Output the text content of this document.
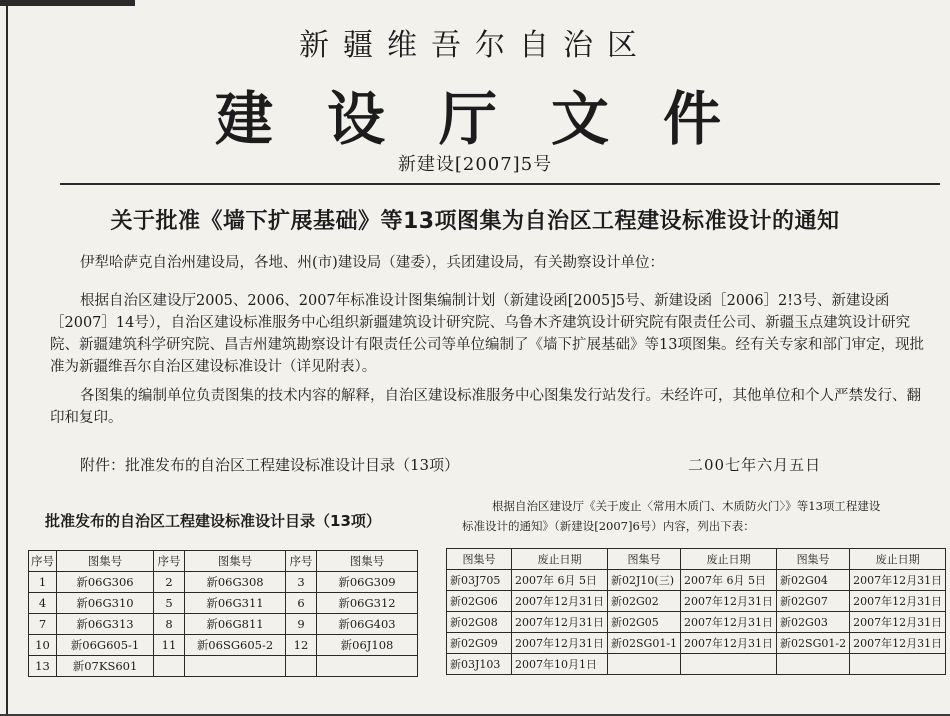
新疆维吾尔自治区
建设厅文件
新建设[2007]5号
关于批准《墙下扩展基础》等13项图集为自治区工程建设标准设计的通知
伊犁哈萨克自治州建设局，各地、州(市)建设局（建委），兵团建设局，有关勘察设计单位：
根据自治区建设厅2005、2006、2007年标准设计图集编制计划（新建设函[2005]5号、新建设函［2006］2!3号、新建设函［2007］14号），自治区建设标准服务中心组织新疆建筑设计研究院、乌鲁木齐建筑设计研究院有限责任公司、新疆玉点建筑设计研究院、新疆建筑科学研究院、昌吉州建筑勘察设计有限责任公司等单位编制了《墙下扩展基础》等13项图集。经有关专家和部门审定，现批准为新疆维吾尔自治区建设标准设计（详见附表）。
各图集的编制单位负责图集的技术内容的解释，自治区建设标准服务中心图集发行站发行。未经许可，其他单位和个人严禁发行、翻印和复印。
附件：批准发布的自治区工程建设标准设计目录（13项）	二00七年六月五日
批准发布的自治区工程建设标准设计目录（13项）
根据自治区建设厅《关于废止〈常用木质门、木质防火门〉》等13项工程建设
标准设计的通知》（新建设[2007]6号）内容，列出下表：
序号	图集号	序号	图集号	序号	图集号
1	新06G306	2	新06G308	3	新06G309
4	新06G310	5	新06G311	6	新06G312
7	新06G313	8	新06G811	9	新06G403
10	新06G605-1	11	新06SG605-2	12	新06J108
13	新07KS601				
图集号	废止日期	图集号	废止日期	图集号	废止日期
新03J705	2007年 6月 5日	新02J10(三)	2007年 6月 5日	新02G04	2007年12月31日
新02G06	2007年12月31日	新02G02	2007年12月31日	新02G07	2007年12月31日
新02G08	2007年12月31日	新02G05	2007年12月31日	新02G03	2007年12月31日
新02G09	2007年12月31日	新02SG01-1	2007年12月31日	新02SG01-2	2007年12月31日
新03J103	2007年10月1日				
